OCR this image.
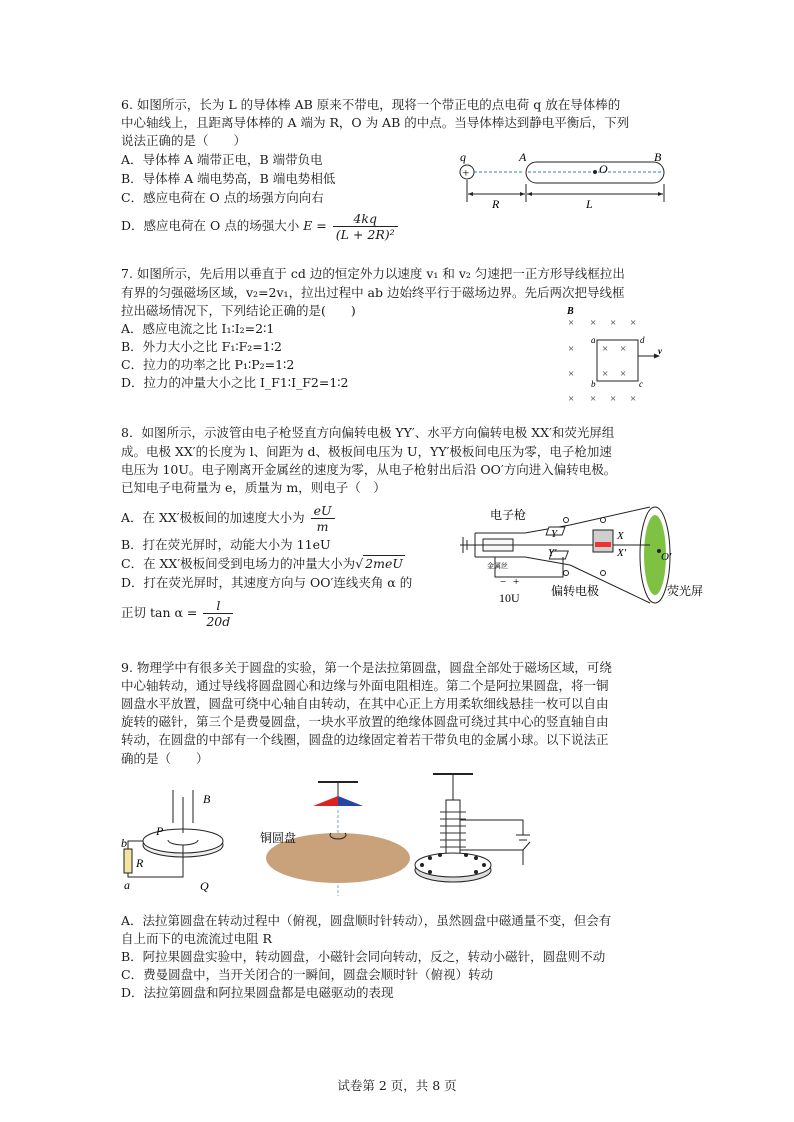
6. 如图所示，长为 L 的导体棒 AB 原来不带电，现将一个带正电的点电荷 q 放在导体棒的
中心轴线上，且距离导体棒的 A 端为 R，O 为 AB 的中点。当导体棒达到静电平衡后，下列
说法正确的是（　　）
A．导体棒 A 端带正电，B 端带负电
B．导体棒 A 端电势高，B 端电势相低
C．感应电荷在 O 点的场强方向向右
D．感应电荷在 O 点的场强大小 $E = \frac{4kq}{\text{(L + 2R)²}}$
q
+
A
O
B
R	L
7. 如图所示，先后用以垂直于 cd 边的恒定外力以速度 v₁ 和 v₂ 匀速把一正方形导线框拉出
有界的匀强磁场区域，v₂=2v₁，拉出过程中 ab 边始终平行于磁场边界。先后两次把导线框
拉出磁场情况下，下列结论正确的是(　　)
A．感应电流之比 I₁∶I₂=2∶1
B．外力大小之比 F₁∶F₂=1∶2
C．拉力的功率之比 P₁∶P₂=1∶2
D．拉力的冲量大小之比 I_F1∶I_F2=1∶2
B
× × × ×
×
×
× × × ×
× ×
× ×
a	d
b	c
v
8．如图所示，示波管由电子枪竖直方向偏转电极 YY′、水平方向偏转电极 XX′和荧光屏组
成。电极 XX′的长度为 l、间距为 d、极板间电压为 U，YY′极板间电压为零，电子枪加速
电压为 10U。电子刚离开金属丝的速度为零，从电子枪射出后沿 OO′方向进入偏转电极。
已知电子电荷量为 e，质量为 m，则电子（　）
A．在 XX′极板间的加速度大小为 $\frac{eU}{m}$
B．打在荧光屏时，动能大小为 11eU
C．在 XX′极板间受到电场力的冲量大小为√ 2meU
D．打在荧光屏时，其速度方向与 OO′连线夹角 α 的
正切 $\tan \alpha = \frac{l}{20d}$
电子枪
金属丝
O′
Y
Y′
X
X′
− +
10U	偏转电极	荧光屏
9. 物理学中有很多关于圆盘的实验，第一个是法拉第圆盘，圆盘全部处于磁场区域，可绕
中心轴转动，通过导线将圆盘圆心和边缘与外面电阻相连。第二个是阿拉果圆盘，将一铜
圆盘水平放置，圆盘可绕中心轴自由转动，在其中心正上方用柔软细线悬挂一枚可以自由
旋转的磁针，第三个是费曼圆盘，一块水平放置的绝缘体圆盘可绕过其中心的竖直轴自由
转动，在圆盘的中部有一个线圈，圆盘的边缘固定着若干带负电的金属小球。以下说法正
确的是（　　）
B
P
Q
R
b
a
铜圆盘
A．法拉第圆盘在转动过程中（俯视，圆盘顺时针转动），虽然圆盘中磁通量不变，但会有
自上而下的电流流过电阻 R
B．阿拉果圆盘实验中，转动圆盘，小磁针会同向转动，反之，转动小磁针，圆盘则不动
C．费曼圆盘中，当开关闭合的一瞬间，圆盘会顺时针（俯视）转动
D．法拉第圆盘和阿拉果圆盘都是电磁驱动的表现
试卷第 2 页，共 8 页
